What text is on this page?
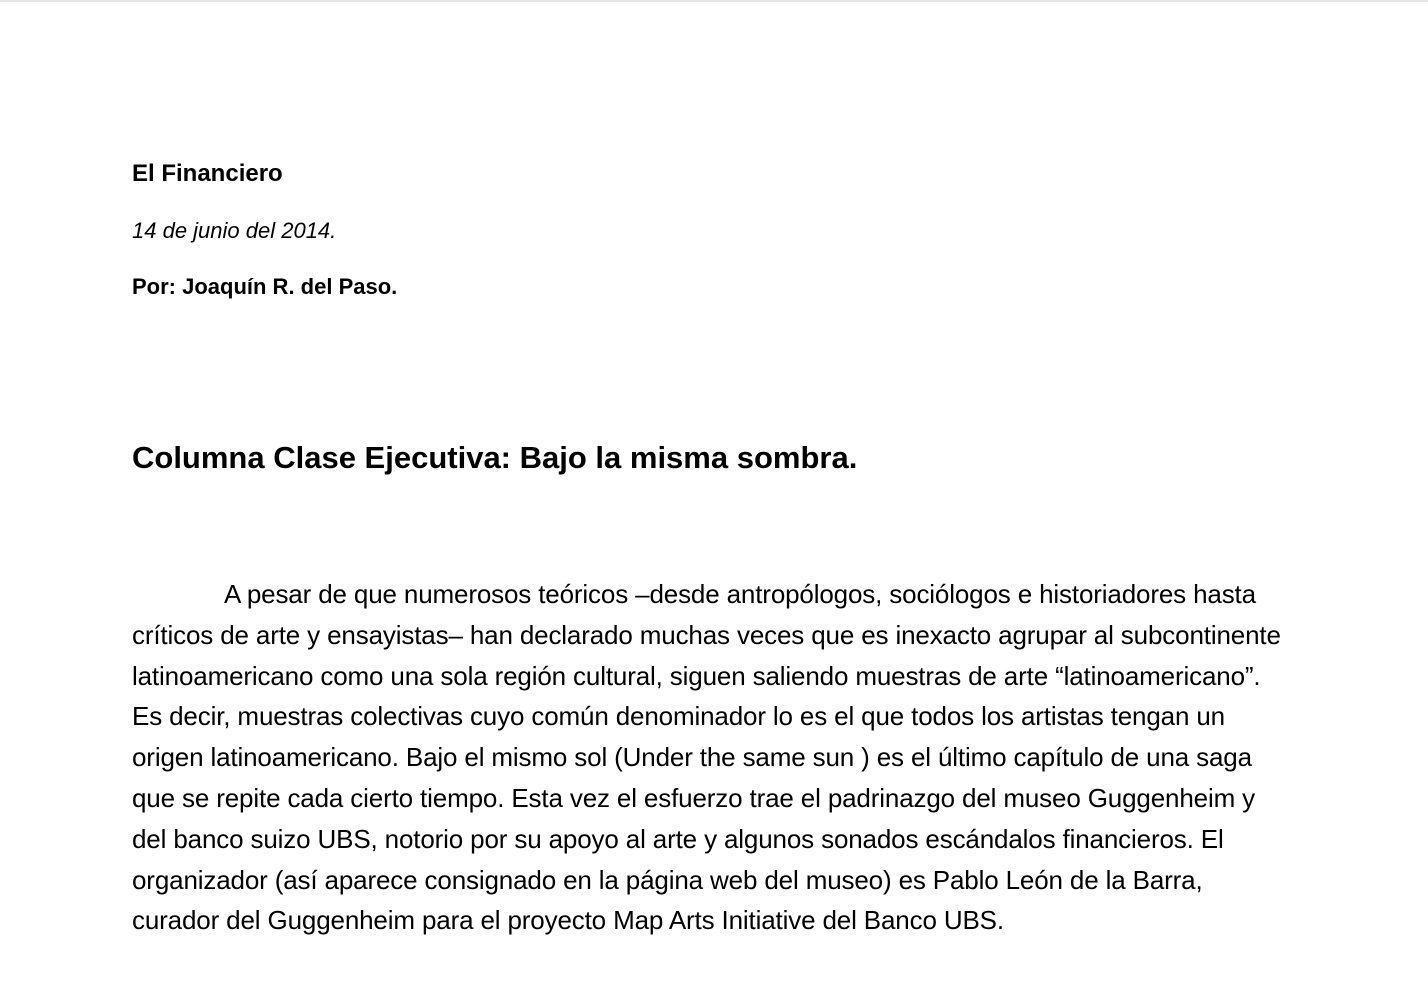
El Financiero
14 de junio del 2014.
Por: Joaquín R. del Paso.
Columna Clase Ejecutiva: Bajo la misma sombra.

A pesar de que numerosos teóricos –desde antropólogos, sociólogos e historiadores hasta críticos de arte y ensayistas– han declarado muchas veces que es inexacto agrupar al subcontinente latinoamericano como una sola región cultural, siguen saliendo muestras de arte “latinoamericano”. Es decir, muestras colectivas cuyo común denominador lo es el que todos los artistas tengan un origen latinoamericano. Bajo el mismo sol (Under the same sun ) es el último capítulo de una saga que se repite cada cierto tiempo. Esta vez el esfuerzo trae el padrinazgo del museo Guggenheim y del banco suizo UBS, notorio por su apoyo al arte y algunos sonados escándalos financieros. El organizador (así aparece consignado en la página web del museo) es Pablo León de la Barra, curador del Guggenheim para el proyecto Map Arts Initiative del Banco UBS.
